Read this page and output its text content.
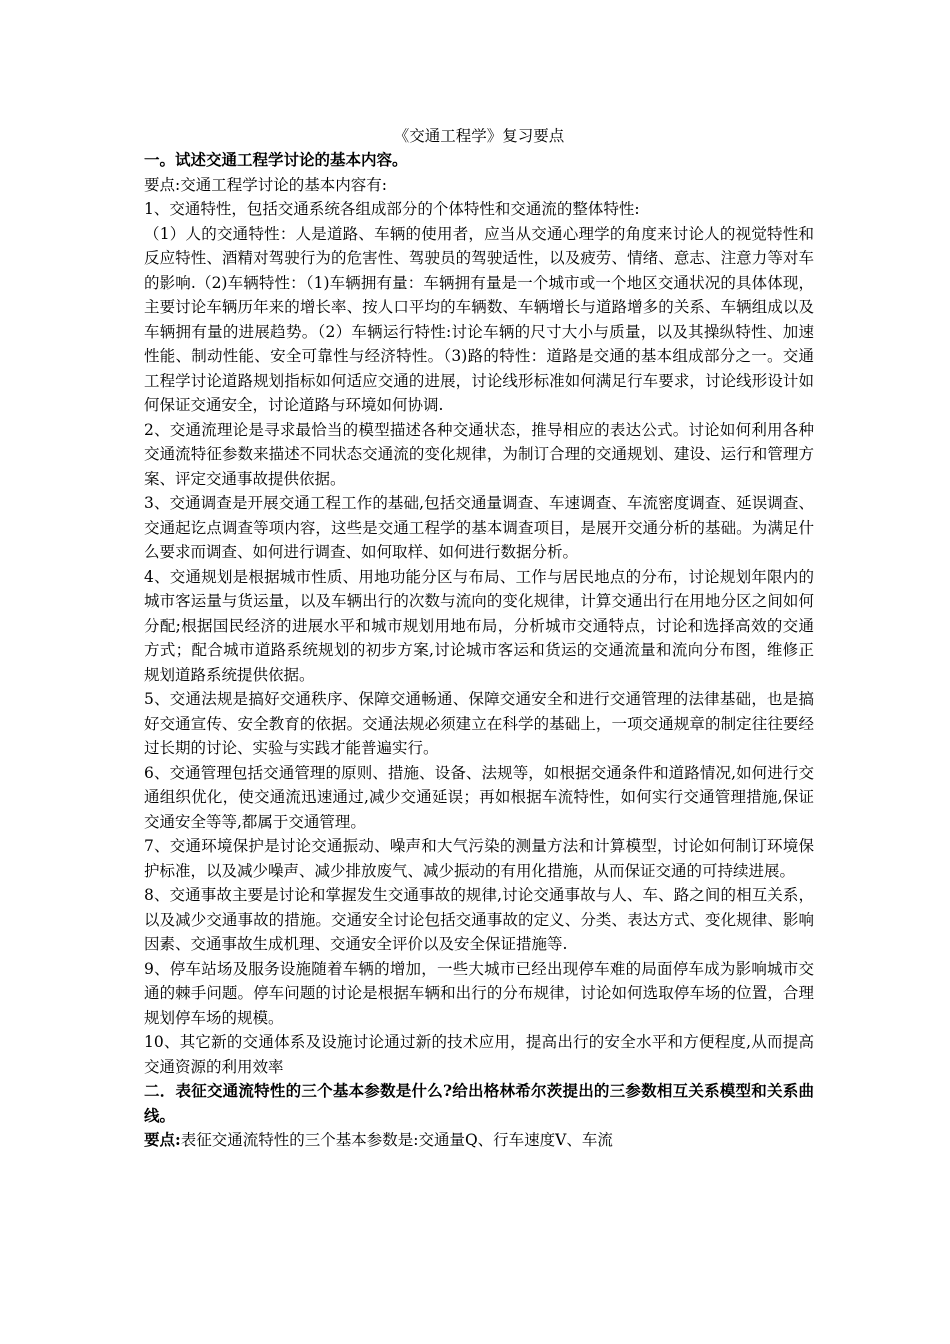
《交通工程学》复习要点

一。试述交通工程学讨论的基本内容。

要点:交通工程学讨论的基本内容有:

1、交通特性，包括交通系统各组成部分的个体特性和交通流的整体特性:

（1）人的交通特性：人是道路、车辆的使用者，应当从交通心理学的角度来讨论人的视觉特性和反应特性、酒精对驾驶行为的危害性、驾驶员的驾驶适性，以及疲劳、情绪、意志、注意力等对车的影响.（2)车辆特性：（1)车辆拥有量：车辆拥有量是一个城市或一个地区交通状况的具体体现，主要讨论车辆历年来的增长率、按人口平均的车辆数、车辆增长与道路增多的关系、车辆组成以及车辆拥有量的进展趋势。（2）车辆运行特性:讨论车辆的尺寸大小与质量，以及其操纵特性、加速性能、制动性能、安全可靠性与经济特性。（3)路的特性：道路是交通的基本组成部分之一。交通工程学讨论道路规划指标如何适应交通的进展，讨论线形标准如何满足行车要求，讨论线形设计如何保证交通安全，讨论道路与环境如何协调.

2、交通流理论是寻求最恰当的模型描述各种交通状态，推导相应的表达公式。讨论如何利用各种交通流特征参数来描述不同状态交通流的变化规律，为制订合理的交通规划、建设、运行和管理方案、评定交通事故提供依据。

3、交通调查是开展交通工程工作的基础,包括交通量调查、车速调查、车流密度调查、延误调查、交通起讫点调查等项内容，这些是交通工程学的基本调查项目，是展开交通分析的基础。为满足什么要求而调查、如何进行调查、如何取样、如何进行数据分析。

4、交通规划是根据城市性质、用地功能分区与布局、工作与居民地点的分布，讨论规划年限内的城市客运量与货运量，以及车辆出行的次数与流向的变化规律，计算交通出行在用地分区之间如何分配;根据国民经济的进展水平和城市规划用地布局，分析城市交通特点，讨论和选择高效的交通方式；配合城市道路系统规划的初步方案,讨论城市客运和货运的交通流量和流向分布图，维修正规划道路系统提供依据。

5、交通法规是搞好交通秩序、保障交通畅通、保障交通安全和进行交通管理的法律基础，也是搞好交通宣传、安全教育的依据。交通法规必须建立在科学的基础上，一项交通规章的制定往往要经过长期的讨论、实验与实践才能普遍实行。

6、交通管理包括交通管理的原则、措施、设备、法规等，如根据交通条件和道路情况,如何进行交通组织优化，使交通流迅速通过,减少交通延误；再如根据车流特性，如何实行交通管理措施,保证交通安全等等,都属于交通管理。

7、交通环境保护是讨论交通振动、噪声和大气污染的测量方法和计算模型，讨论如何制订环境保护标准，以及减少噪声、减少排放废气、减少振动的有用化措施，从而保证交通的可持续进展。

8、交通事故主要是讨论和掌握发生交通事故的规律,讨论交通事故与人、车、路之间的相互关系，以及减少交通事故的措施。交通安全讨论包括交通事故的定义、分类、表达方式、变化规律、影响因素、交通事故生成机理、交通安全评价以及安全保证措施等.

9、停车站场及服务设施随着车辆的增加，一些大城市已经出现停车难的局面停车成为影响城市交通的棘手问题。停车问题的讨论是根据车辆和出行的分布规律，讨论如何选取停车场的位置，合理规划停车场的规模。

10、其它新的交通体系及设施讨论通过新的技术应用，提高出行的安全水平和方便程度,从而提高交通资源的利用效率

二．表征交通流特性的三个基本参数是什么?给出格林希尔茨提出的三参数相互关系模型和关系曲线。

要点:表征交通流特性的三个基本参数是:交通量Q、行车速度V、车流
